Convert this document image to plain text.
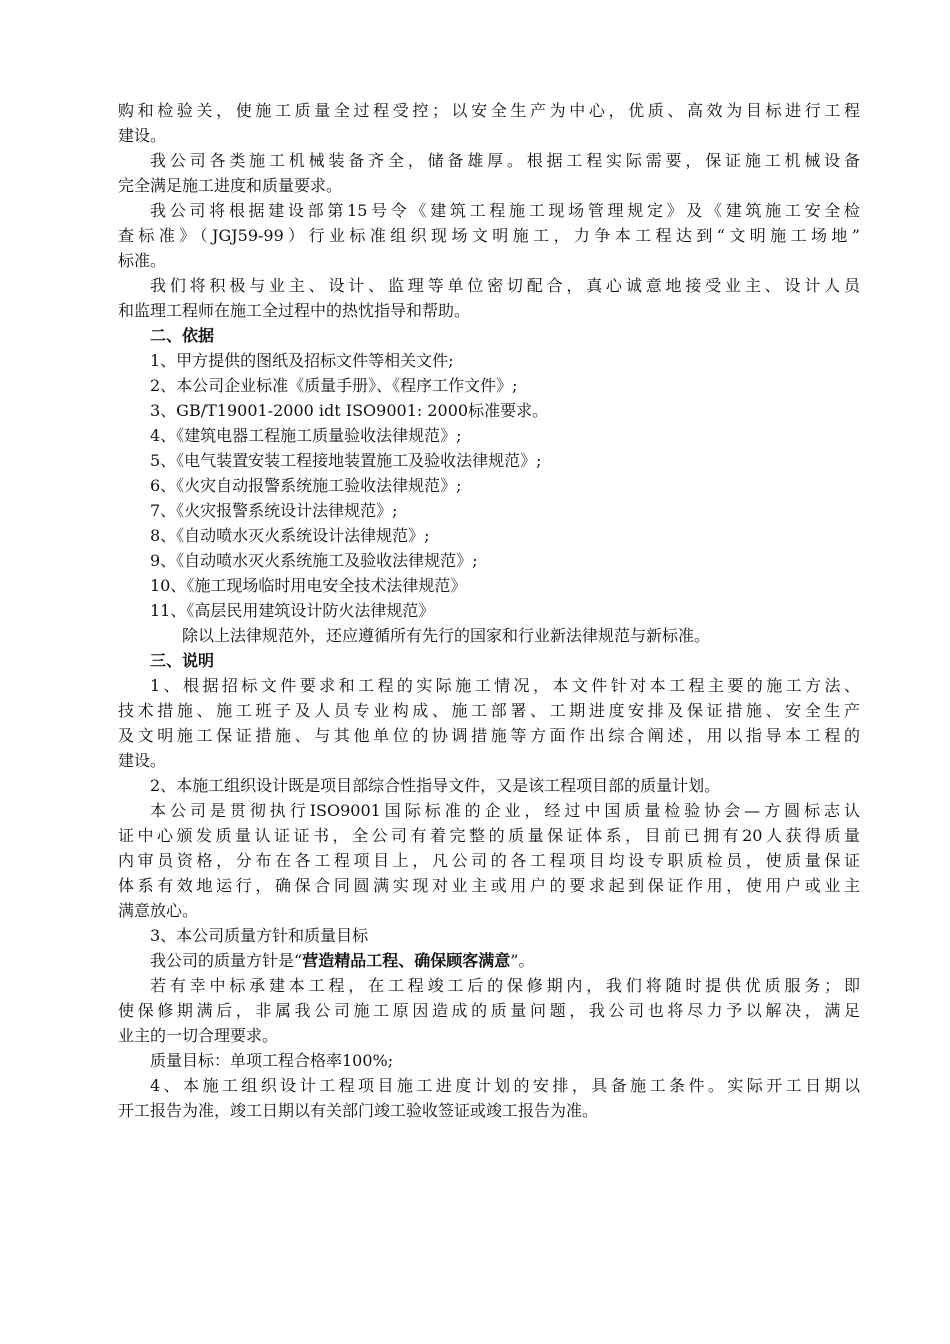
购和检验关，使施工质量全过程受控；以安全生产为中心，优质、高效为目标进行工程
建设。
我公司各类施工机械装备齐全，储备雄厚。根据工程实际需要，保证施工机械设备
完全满足施工进度和质量要求。
我公司将根据建设部第15号令《建筑工程施工现场管理规定》及《建筑施工安全检
查标准》（JGJ59-99）行业标准组织现场文明施工，力争本工程达到“文明施工场地”
标准。
我们将积极与业主、设计、监理等单位密切配合，真心诚意地接受业主、设计人员
和监理工程师在施工全过程中的热忱指导和帮助。
二、依据
1、甲方提供的图纸及招标文件等相关文件;
2、本公司企业标准《质量手册》、《程序工作文件》;
3、GB/T19001-2000 idt ISO9001: 2000标准要求。
4、《建筑电器工程施工质量验收法律规范》;
5、《电气装置安装工程接地装置施工及验收法律规范》;
6、《火灾自动报警系统施工验收法律规范》;
7、《火灾报警系统设计法律规范》;
8、《自动喷水灭火系统设计法律规范》;
9、《自动喷水灭火系统施工及验收法律规范》;
10、《施工现场临时用电安全技术法律规范》
11、《高层民用建筑设计防火法律规范》
除以上法律规范外，还应遵循所有先行的国家和行业新法律规范与新标准。
三、说明
1、根据招标文件要求和工程的实际施工情况，本文件针对本工程主要的施工方法、
技术措施、施工班子及人员专业构成、施工部署、工期进度安排及保证措施、安全生产
及文明施工保证措施、与其他单位的协调措施等方面作出综合阐述，用以指导本工程的
建设。
2、本施工组织设计既是项目部综合性指导文件，又是该工程项目部的质量计划。
本公司是贯彻执行ISO9001国际标准的企业，经过中国质量检验协会—方圆标志认
证中心颁发质量认证证书，全公司有着完整的质量保证体系，目前已拥有20人获得质量
内审员资格，分布在各工程项目上，凡公司的各工程项目均设专职质检员，使质量保证
体系有效地运行，确保合同圆满实现对业主或用户的要求起到保证作用，使用户或业主
满意放心。
3、本公司质量方针和质量目标
我公司的质量方针是“营造精品工程、确保顾客满意”。
若有幸中标承建本工程，在工程竣工后的保修期内，我们将随时提供优质服务；即
使保修期满后，非属我公司施工原因造成的质量问题，我公司也将尽力予以解决，满足
业主的一切合理要求。
质量目标：单项工程合格率100%;
4、本施工组织设计工程项目施工进度计划的安排，具备施工条件。实际开工日期以
开工报告为准，竣工日期以有关部门竣工验收签证或竣工报告为准。
